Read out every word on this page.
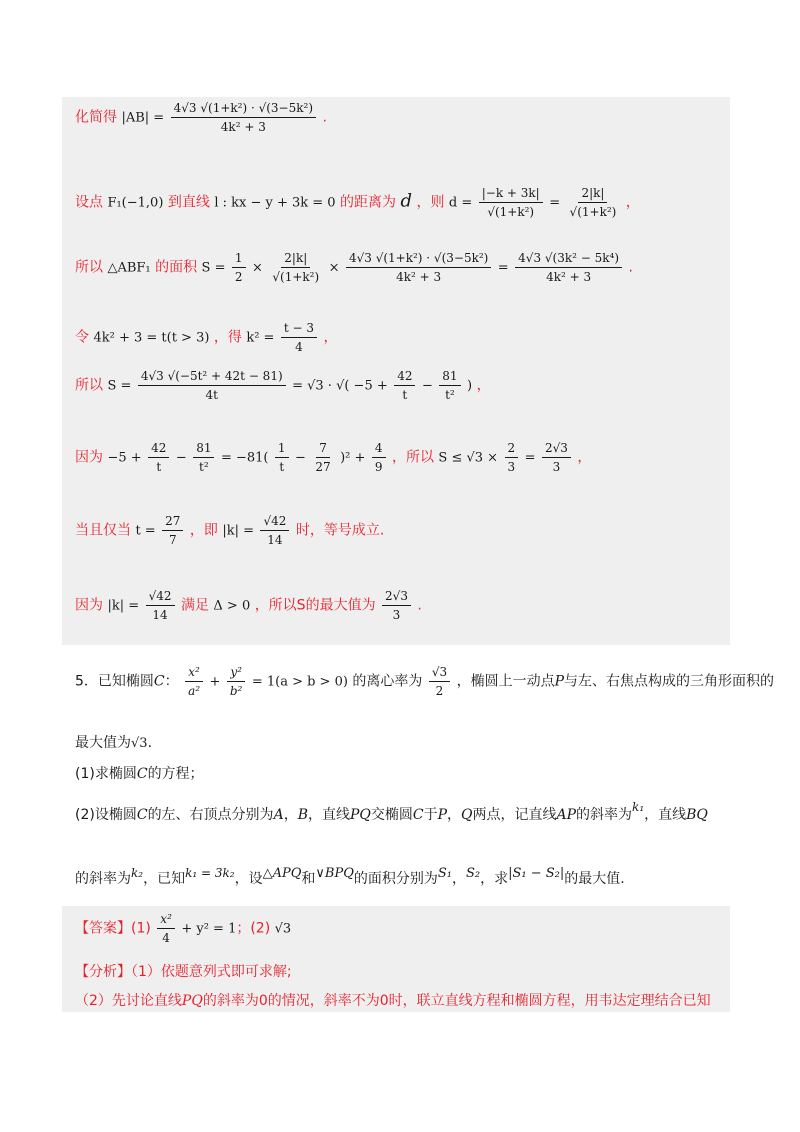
化简得 $|AB| = \frac{\text{4√3 √(1+k²) · √(3−5k²)}}{\text{4k² + 3}}$ .
设点 F₁(−1,0) 到直线 l : kx − y + 3k = 0 的距离为 d ，则 $d = \frac{|-k + 3k|}{\text{√(1+k²)}} = \frac{2|k|}{\text{√(1+k²)}}$ ，
所以 △ABF₁ 的面积 $S = \frac{1}{2} \times \frac{2|k|}{\text{√(1+k²)}} \times \frac{\text{4√3 √(1+k²) · √(3−5k²)}}{\text{4k² + 3}} = \frac{\text{4√3 √(3k² − 5k⁴)}}{\text{4k² + 3}}$ .
令 4k² + 3 = t(t > 3) ，得 $k^2 = \frac{t - 3}{4}$ ，
所以 $S = \frac{\text{4√3 √(−5t² + 42t − 81)}}{4t} = √3$ · √( $-5 + \frac{42}{t} - \frac{81}{\text{t²}}$ ) ，
因为 $-5 + \frac{42}{t} - \frac{81}{\text{t²}} = -81( \frac{1}{t} - \frac{7}{27} )^2 + \frac{4}{9}$ ，所以 $S \le √3 \times \frac{2}{3} = \frac{2√3}{3}$ ，
当且仅当 $t = \frac{27}{7}$ ，即 $|k| = \frac{√42}{14}$ 时，等号成立.
因为 $|k| = \frac{√42}{14}$ 满足 Δ > 0 ，所以S的最大值为 $\frac{2√3}{3}$ .
5．已知椭圆C： $\frac{\text{x²}}{\text{a²}} + \frac{\text{y²}}{\text{b²}} = 1(a > b > 0)$ 的离心率为 $\frac{√3}{2}$ ，椭圆上一动点P与左、右焦点构成的三角形面积的
最大值为√3.
(1)求椭圆C的方程；
(2)设椭圆C的左、右顶点分别为A，B，直线PQ交椭圆C于P，Q两点，记直线AP的斜率为k₁，直线BQ
的斜率为k₂，已知k₁ = 3k₂，设△APQ和∨BPQ的面积分别为S₁，S₂，求|S₁ − S₂|的最大值.
【答案】$(1) \frac{\text{x²}}{4} + y^2 = 1$；(2) √3
【分析】（1）依题意列式即可求解;
（2）先讨论直线PQ的斜率为0的情况，斜率不为0时，联立直线方程和椭圆方程，用韦达定理结合已知
